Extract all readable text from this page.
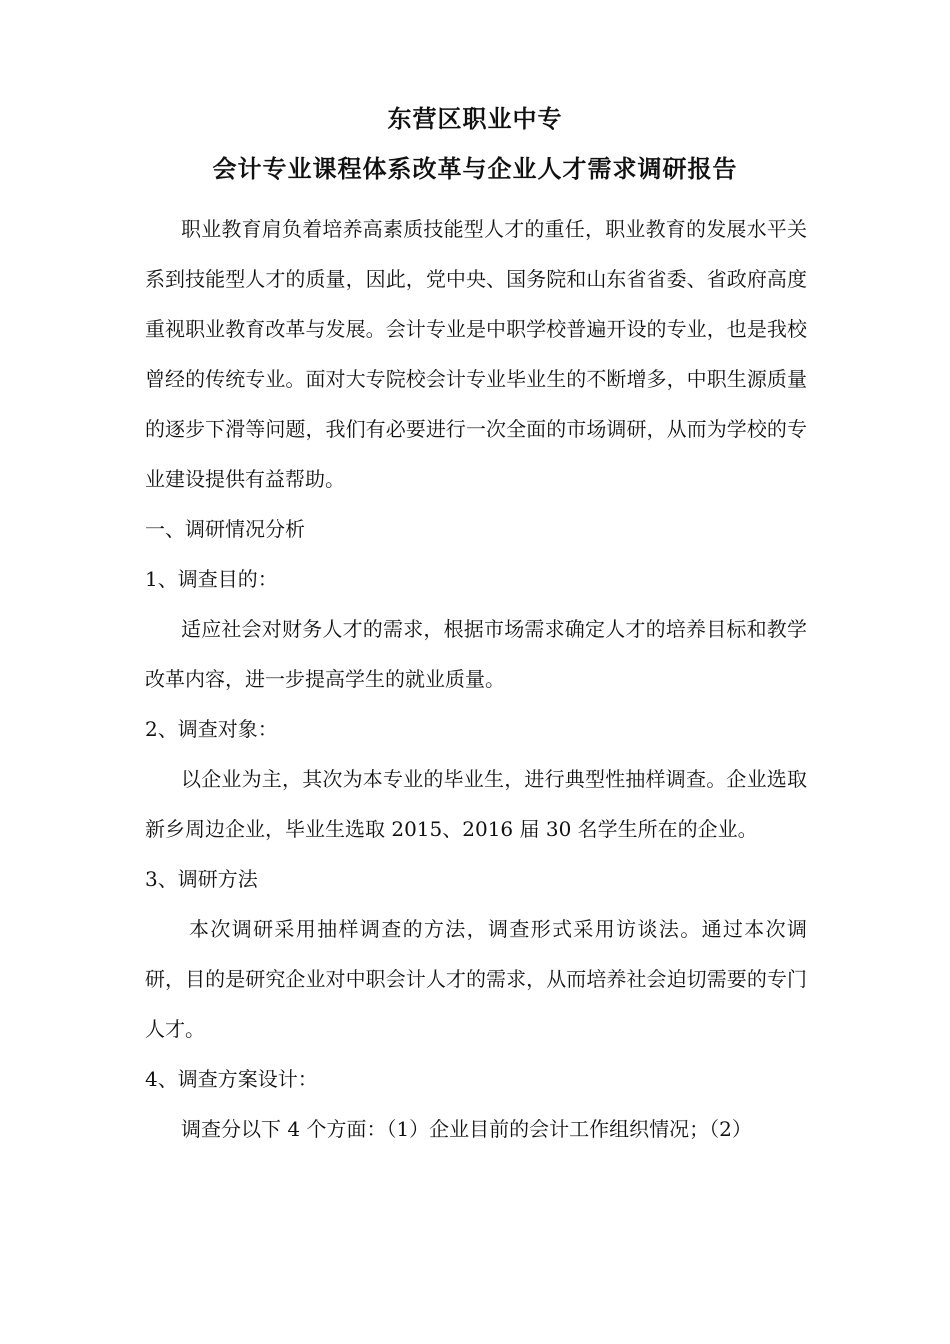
东营区职业中专
会计专业课程体系改革与企业人才需求调研报告

职业教育肩负着培养高素质技能型人才的重任，职业教育的发展水平关系到技能型人才的质量，因此，党中央、国务院和山东省省委、省政府高度重视职业教育改革与发展。会计专业是中职学校普遍开设的专业，也是我校曾经的传统专业。面对大专院校会计专业毕业生的不断增多，中职生源质量的逐步下滑等问题，我们有必要进行一次全面的市场调研，从而为学校的专业建设提供有益帮助。

一、调研情况分析

1、调查目的：

适应社会对财务人才的需求，根据市场需求确定人才的培养目标和教学改革内容，进一步提高学生的就业质量。

2、调查对象：

以企业为主，其次为本专业的毕业生，进行典型性抽样调查。企业选取新乡周边企业，毕业生选取 2015、2016 届 30 名学生所在的企业。

3、调研方法

本次调研采用抽样调查的方法，调查形式采用访谈法。通过本次调研，目的是研究企业对中职会计人才的需求，从而培养社会迫切需要的专门人才。

4、调查方案设计：

调查分以下 4 个方面：（1）企业目前的会计工作组织情况；（2）
